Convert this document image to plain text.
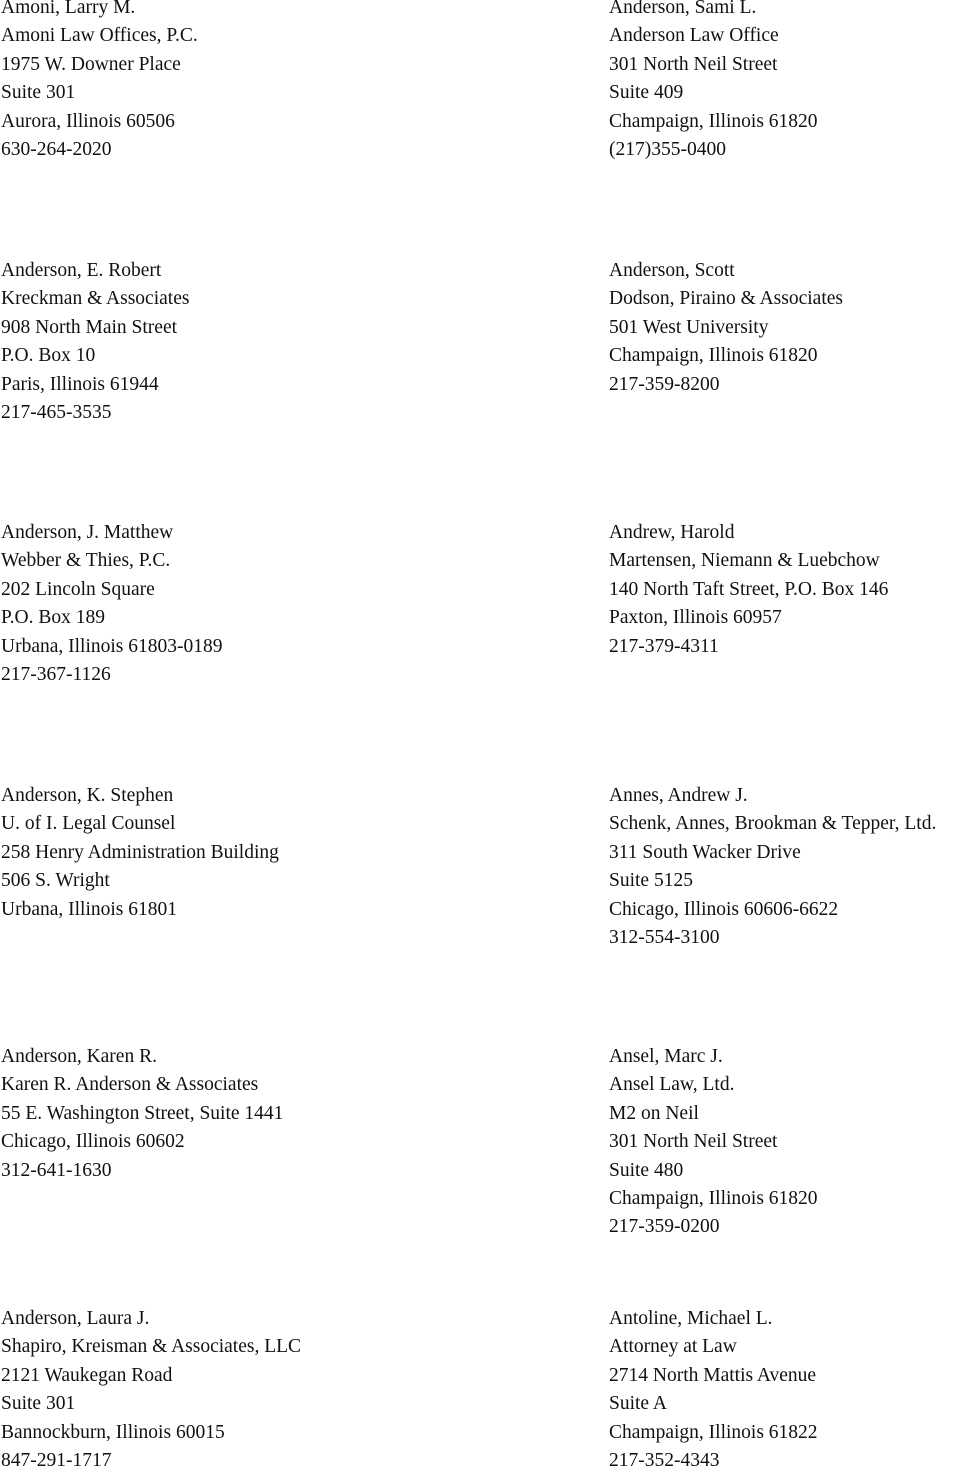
Amoni, Larry M.
Amoni Law Offices, P.C.
1975 W. Downer Place
Suite 301
Aurora, Illinois 60506
630-264-2020
Anderson, Sami L.
Anderson Law Office
301 North Neil Street
Suite 409
Champaign, Illinois 61820
(217)355-0400
Anderson, E. Robert
Kreckman & Associates
908 North Main Street
P.O. Box 10
Paris, Illinois 61944
217-465-3535
Anderson, Scott
Dodson, Piraino & Associates
501 West University
Champaign, Illinois 61820
217-359-8200
Anderson, J. Matthew
Webber & Thies, P.C.
202 Lincoln Square
P.O. Box 189
Urbana, Illinois 61803-0189
217-367-1126
Andrew, Harold
Martensen, Niemann & Luebchow
140 North Taft Street, P.O. Box 146
Paxton, Illinois 60957
217-379-4311
Anderson, K. Stephen
U. of I. Legal Counsel
258 Henry Administration Building
506 S. Wright
Urbana, Illinois 61801
Annes, Andrew J.
Schenk, Annes, Brookman & Tepper, Ltd.
311 South Wacker Drive
Suite 5125
Chicago, Illinois 60606-6622
312-554-3100
Anderson, Karen R.
Karen R. Anderson & Associates
55 E. Washington Street, Suite 1441
Chicago, Illinois 60602
312-641-1630
Ansel, Marc J.
Ansel Law, Ltd.
M2 on Neil
301 North Neil Street
Suite 480
Champaign, Illinois 61820
217-359-0200
Anderson, Laura J.
Shapiro, Kreisman & Associates, LLC
2121 Waukegan Road
Suite 301
Bannockburn, Illinois 60015
847-291-1717
Antoline, Michael L.
Attorney at Law
2714 North Mattis Avenue
Suite A
Champaign, Illinois 61822
217-352-4343
